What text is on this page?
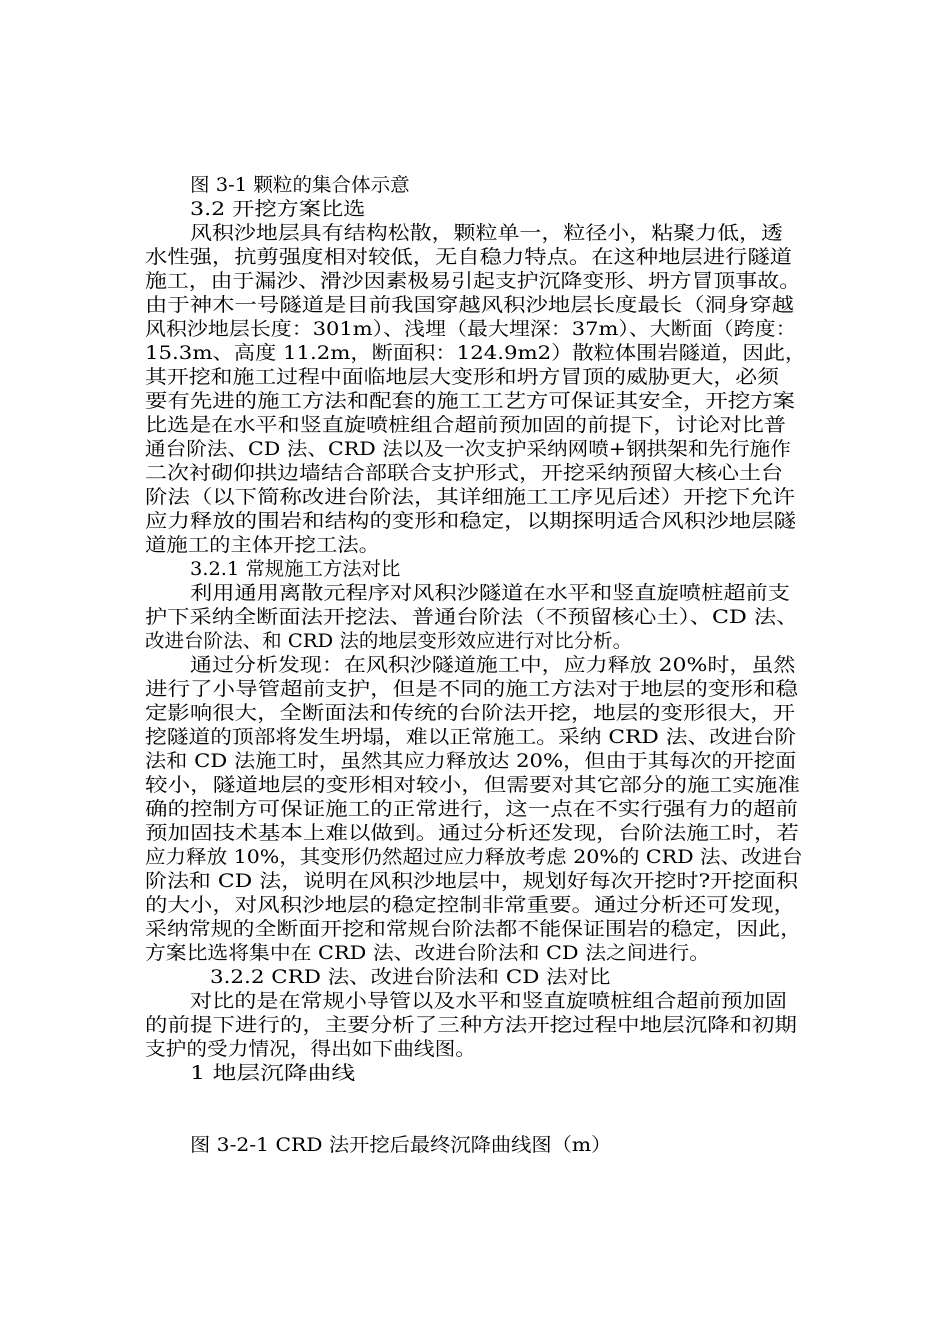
图 3-1 颗粒的集合体示意
3.2 开挖方案比选
风积沙地层具有结构松散，颗粒单一，粒径小，粘聚力低，透
水性强，抗剪强度相对较低，无自稳力特点。在这种地层进行隧道
施工，由于漏沙、滑沙因素极易引起支护沉降变形、坍方冒顶事故。
由于神木一号隧道是目前我国穿越风积沙地层长度最长（洞身穿越
风积沙地层长度：301m）、浅埋（最大埋深：37m）、大断面（跨度：
15.3m、高度 11.2m，断面积：124.9m2）散粒体围岩隧道，因此，
其开挖和施工过程中面临地层大变形和坍方冒顶的威胁更大，必须
要有先进的施工方法和配套的施工工艺方可保证其安全，开挖方案
比选是在水平和竖直旋喷桩组合超前预加固的前提下，讨论对比普
通台阶法、CD 法、CRD 法以及一次支护采纳网喷+钢拱架和先行施作
二次衬砌仰拱边墙结合部联合支护形式，开挖采纳预留大核心土台
阶法（以下简称改进台阶法，其详细施工工序见后述）开挖下允许
应力释放的围岩和结构的变形和稳定，以期探明适合风积沙地层隧
道施工的主体开挖工法。
3.2.1 常规施工方法对比
利用通用离散元程序对风积沙隧道在水平和竖直旋喷桩超前支
护下采纳全断面法开挖法、普通台阶法（不预留核心土）、CD 法、
改进台阶法、和 CRD 法的地层变形效应进行对比分析。
通过分析发现：在风积沙隧道施工中，应力释放 20%时，虽然
进行了小导管超前支护，但是不同的施工方法对于地层的变形和稳
定影响很大，全断面法和传统的台阶法开挖，地层的变形很大，开
挖隧道的顶部将发生坍塌，难以正常施工。采纳 CRD 法、改进台阶
法和 CD 法施工时，虽然其应力释放达 20%，但由于其每次的开挖面
较小，隧道地层的变形相对较小，但需要对其它部分的施工实施准
确的控制方可保证施工的正常进行，这一点在不实行强有力的超前
预加固技术基本上难以做到。通过分析还发现，台阶法施工时，若
应力释放 10%，其变形仍然超过应力释放考虑 20%的 CRD 法、改进台
阶法和 CD 法，说明在风积沙地层中，规划好每次开挖时?开挖面积
的大小，对风积沙地层的稳定控制非常重要。通过分析还可发现，
采纳常规的全断面开挖和常规台阶法都不能保证围岩的稳定，因此，
方案比选将集中在 CRD 法、改进台阶法和 CD 法之间进行。
3.2.2 CRD 法、改进台阶法和 CD 法对比
对比的是在常规小导管以及水平和竖直旋喷桩组合超前预加固
的前提下进行的，主要分析了三种方法开挖过程中地层沉降和初期
支护的受力情况，得出如下曲线图。
1 地层沉降曲线
图 3-2-1 CRD 法开挖后最终沉降曲线图（m）
